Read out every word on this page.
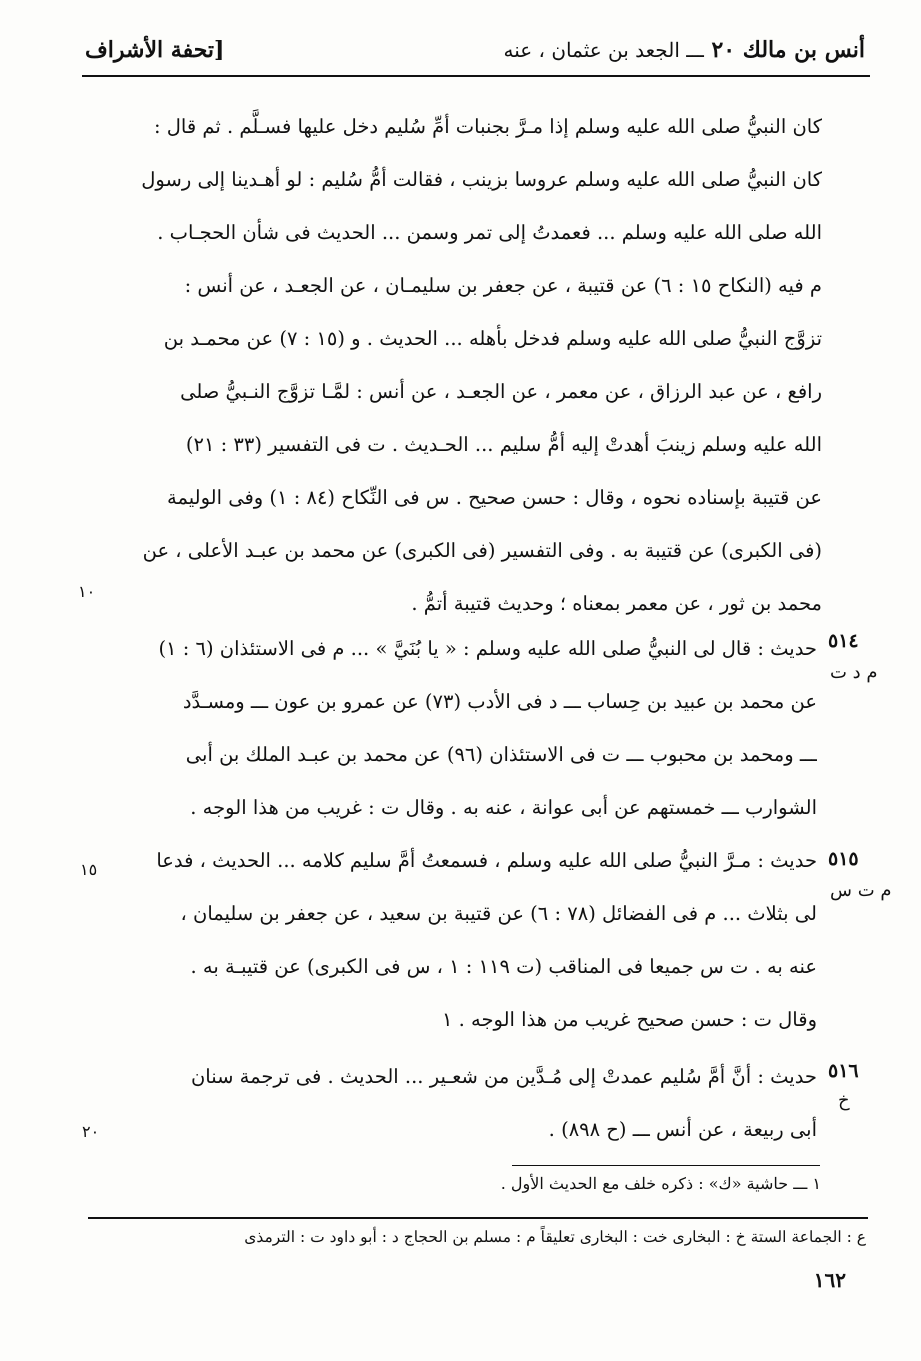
أنس بن مالك ٢٠ ـــ الجعد بن عثمان ، عنه
[تحفة الأشراف
كان النبيُّ صلى الله عليه وسلم إذا مـرَّ بجنبات أمِّ سُليم دخل عليها فسـلَّم . ثم قال :
كان النبيُّ صلى الله عليه وسلم عروسا بزينب ، فقالت أمُّ سُليم : لو أهـدينا إلى رسول
الله صلى الله عليه وسلم ... فعمدتُ إلى تمر وسمن ... الحديث فى شأن الحجـاب .
م فيه (النكاح ١٥ : ٦) عن قتيبة ، عن جعفر بن سليمـان ، عن الجعـد ، عن أنس :
تزوَّج النبيُّ صلى الله عليه وسلم فدخل بأهله ... الحديث . و (١٥ : ٧) عن محمـد بن
رافع ، عن عبد الرزاق ، عن معمر ، عن الجعـد ، عن أنس : لمَّـا تزوَّج النـبيُّ صلى
الله عليه وسلم زينبَ أهدتْ إليه أمُّ سليم ... الحـديث . ت فى التفسير (٣٣ : ٢١)
عن قتيبة بإسناده نحوه ، وقال : حسن صحيح . س فى النِّكاح (٨٤ : ١) وفى الوليمة
(فى الكبرى) عن قتيبة به . وفى التفسير (فى الكبرى) عن محمد بن عبـد الأعلى ، عن
محمد بن ثور ، عن معمر بمعناه ؛ وحديث قتيبة أتمُّ .
١٠
٥١٤
م د ت
حديث : قال لى النبيُّ صلى الله عليه وسلم : « يا بُنَيَّ » ... م فى الاستئذان (٦ : ١)
عن محمد بن عبيد بن حِساب ـــ د فى الأدب (٧٣) عن عمرو بن عون ـــ ومسـدَّد
ـــ ومحمد بن محبوب ـــ ت فى الاستئذان (٩٦) عن محمد بن عبـد الملك بن أبى
الشوارب ـــ خمستهم عن أبى عوانة ، عنه به . وقال ت : غريب من هذا الوجه .
٥١٥
م ت س
١٥	حديث : مـرَّ النبيُّ صلى الله عليه وسلم ، فسمعتُ أمَّ سليم كلامه ... الحديث ، فدعا
لى بثلاث ... م فى الفضائل (٧٨ : ٦) عن قتيبة بن سعيد ، عن جعفر بن سليمان ،
عنه به . ت س جميعا فى المناقب (ت ١١٩ : ١ ، س فى الكبرى) عن قتيبـة به .
وقال ت : حسن صحيح غريب من هذا الوجه . ١
٥١٦
خ
٢٠
حديث : أنَّ أمَّ سُليم عمدتْ إلى مُـدَّين من شعـير ... الحديث . فى ترجمة سنان
أبى ربيعة ، عن أنس ـــ (ح ٨٩٨) .
١ ـــ حاشية «ك» : ذكره خلف مع الحديث الأول .
ع : الجماعة الستة خ : البخارى خت : البخارى تعليقاً م : مسلم بن الحجاج د : أبو داود ت : الترمذى
١٦٢
